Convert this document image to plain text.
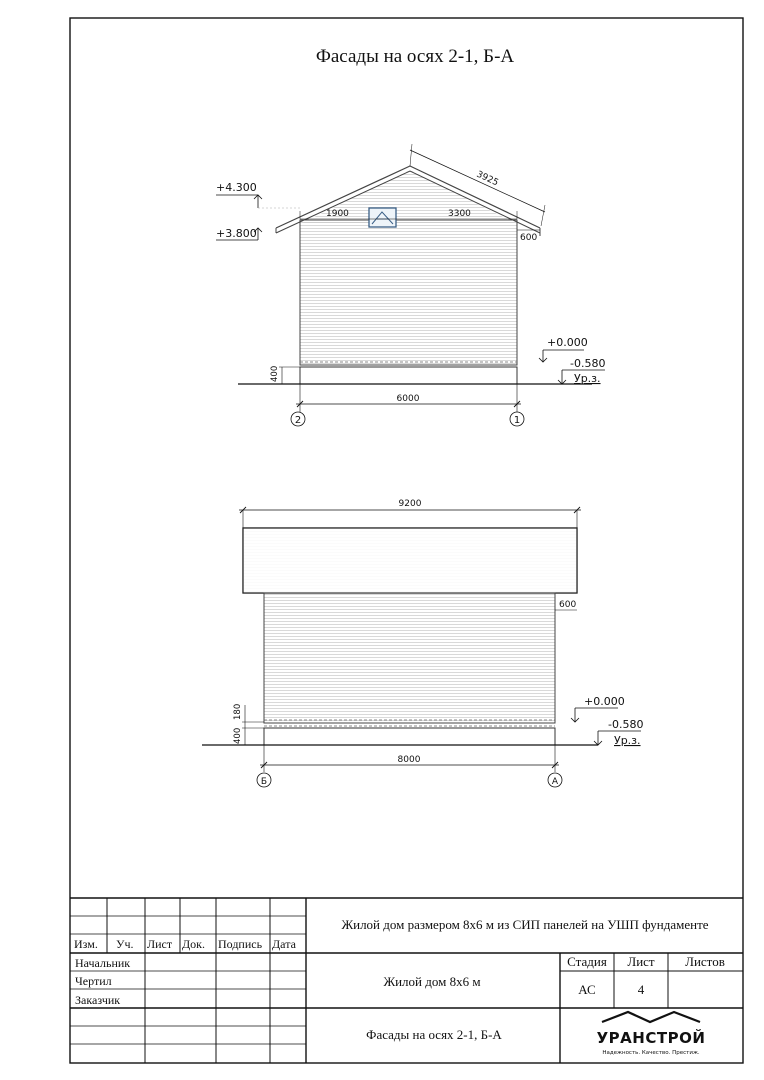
Фасады на осях 2-1, Б-А
+4.300
+3.800
+0.000
-0.580
Ур.з.
3925
1900	3300
600
400
6000
2	1
9200
600
+0.000
-0.580
Ур.з.
400
180
8000
Б	А
Изм. Уч. Лист Док. Подпись Дата
Начальник
Чертил
Заказчик
Жилой дом размером 8х6 м из СИП панелей на УШП фундаменте
Жилой дом 8х6 м
Фасады на осях 2-1, Б-А
Стадия Лист Листов
АС	4
УРАНСТРОЙ
Надежность. Качество. Престиж.
